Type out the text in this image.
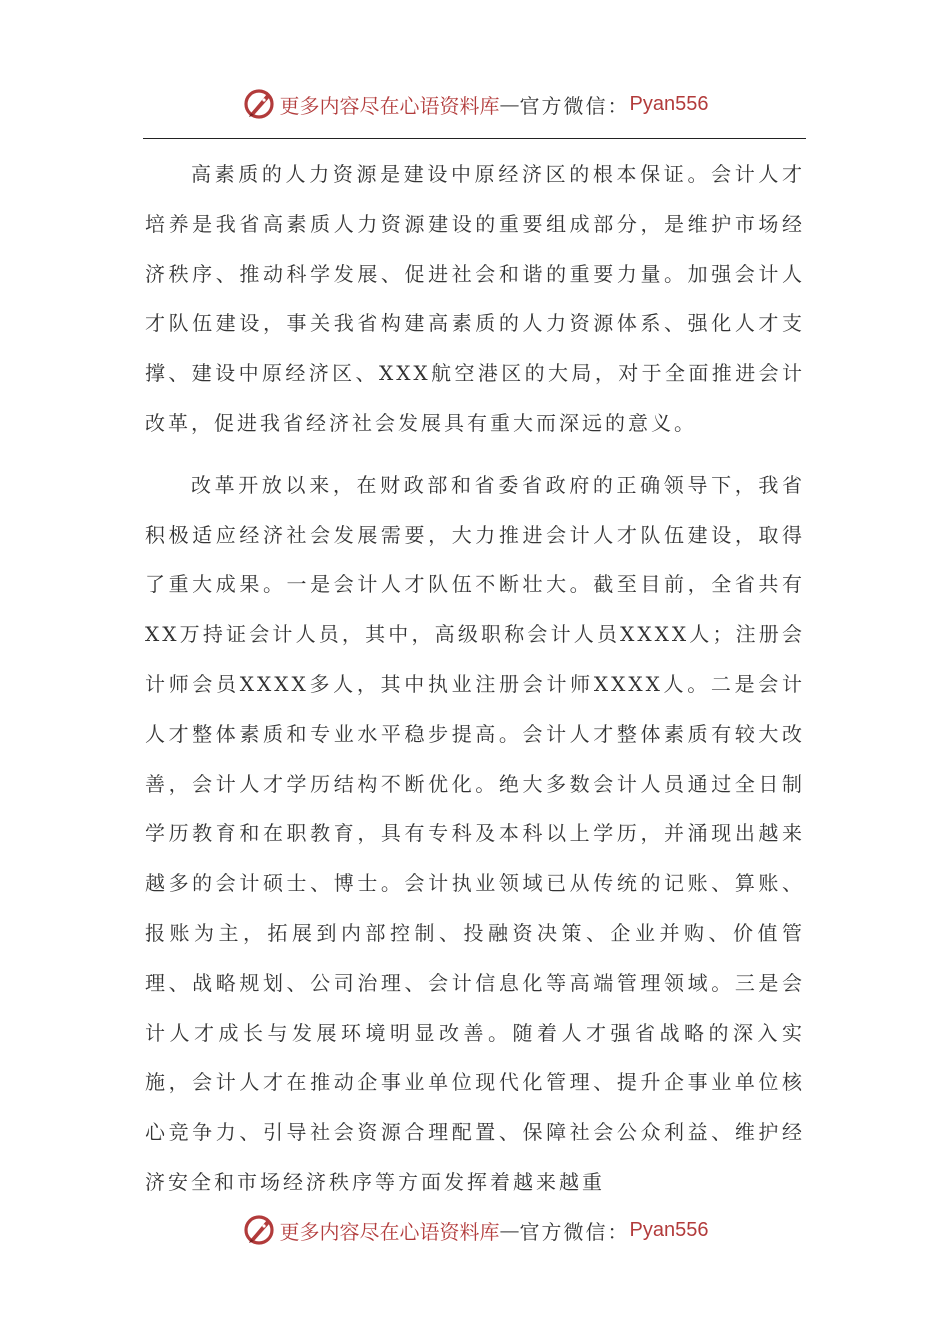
更多内容尽在心语资料库 — 官方微信： Pyan556

高素质的人力资源是建设中原经济区的根本保证。会计人才培养是我省高素质人力资源建设的重要组成部分，是维护市场经济秩序、推动科学发展、促进社会和谐的重要力量。加强会计人才队伍建设，事关我省构建高素质的人力资源体系、强化人才支撑、建设中原经济区、XXX航空港区的大局，对于全面推进会计改革，促进我省经济社会发展具有重大而深远的意义。

改革开放以来，在财政部和省委省政府的正确领导下，我省积极适应经济社会发展需要，大力推进会计人才队伍建设，取得了重大成果。一是会计人才队伍不断壮大。截至目前，全省共有XX万持证会计人员，其中，高级职称会计人员XXXX人；注册会计师会员XXXX多人，其中执业注册会计师XXXX人。二是会计人才整体素质和专业水平稳步提高。会计人才整体素质有较大改善，会计人才学历结构不断优化。绝大多数会计人员通过全日制学历教育和在职教育，具有专科及本科以上学历，并涌现出越来越多的会计硕士、博士。会计执业领域已从传统的记账、算账、报账为主，拓展到内部控制、投融资决策、企业并购、价值管理、战略规划、公司治理、会计信息化等高端管理领域。三是会计人才成长与发展环境明显改善。随着人才强省战略的深入实施，会计人才在推动企事业单位现代化管理、提升企事业单位核心竞争力、引导社会资源合理配置、保障社会公众利益、维护经济安全和市场经济秩序等方面发挥着越来越重

更多内容尽在心语资料库 — 官方微信： Pyan556
